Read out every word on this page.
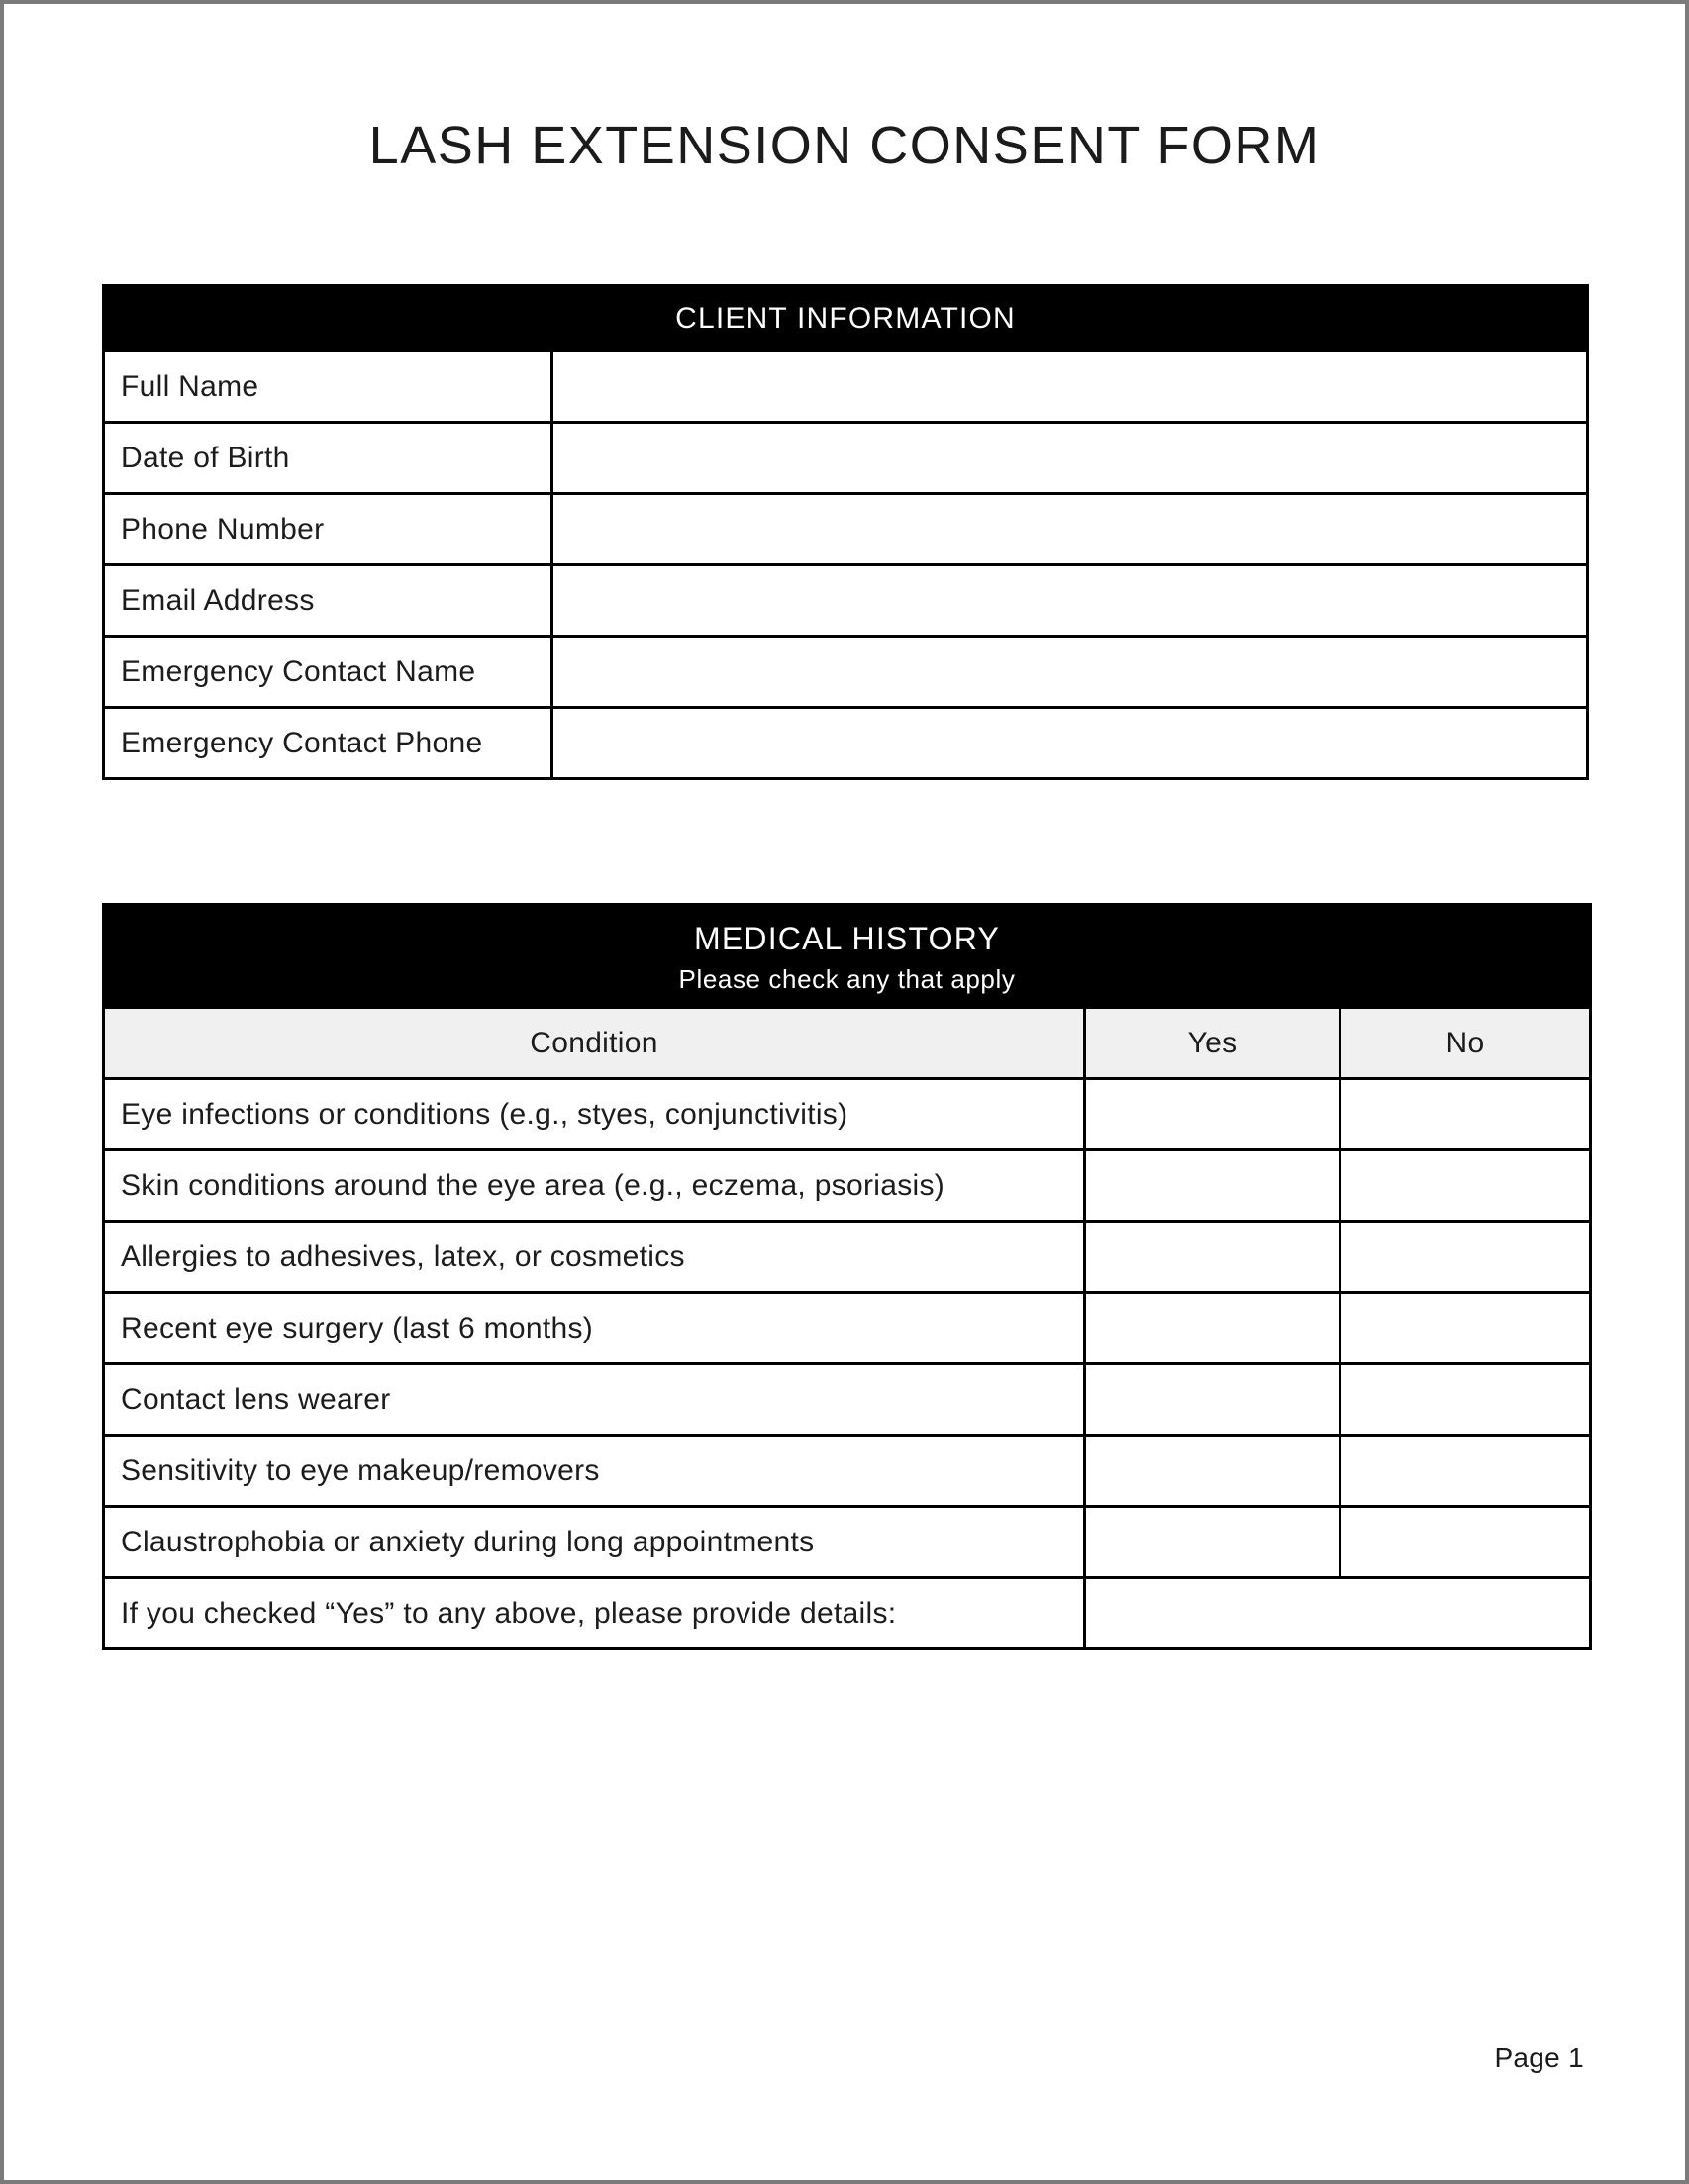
LASH EXTENSION CONSENT FORM
CLIENT INFORMATION	
Full Name	
Date of Birth	
Phone Number	
Email Address	
Emergency Contact Name	
Emergency Contact Phone	
MEDICAL HISTORY
Please check any that apply		

Condition	Yes	No
Eye infections or conditions (e.g., styes, conjunctivitis)		
Skin conditions around the eye area (e.g., eczema, psoriasis)		
Allergies to adhesives, latex, or cosmetics		
Recent eye surgery (last 6 months)		
Contact lens wearer		
Sensitivity to eye makeup/removers		
Claustrophobia or anxiety during long appointments		
If you checked “Yes” to any above, please provide details:		
Page 1
